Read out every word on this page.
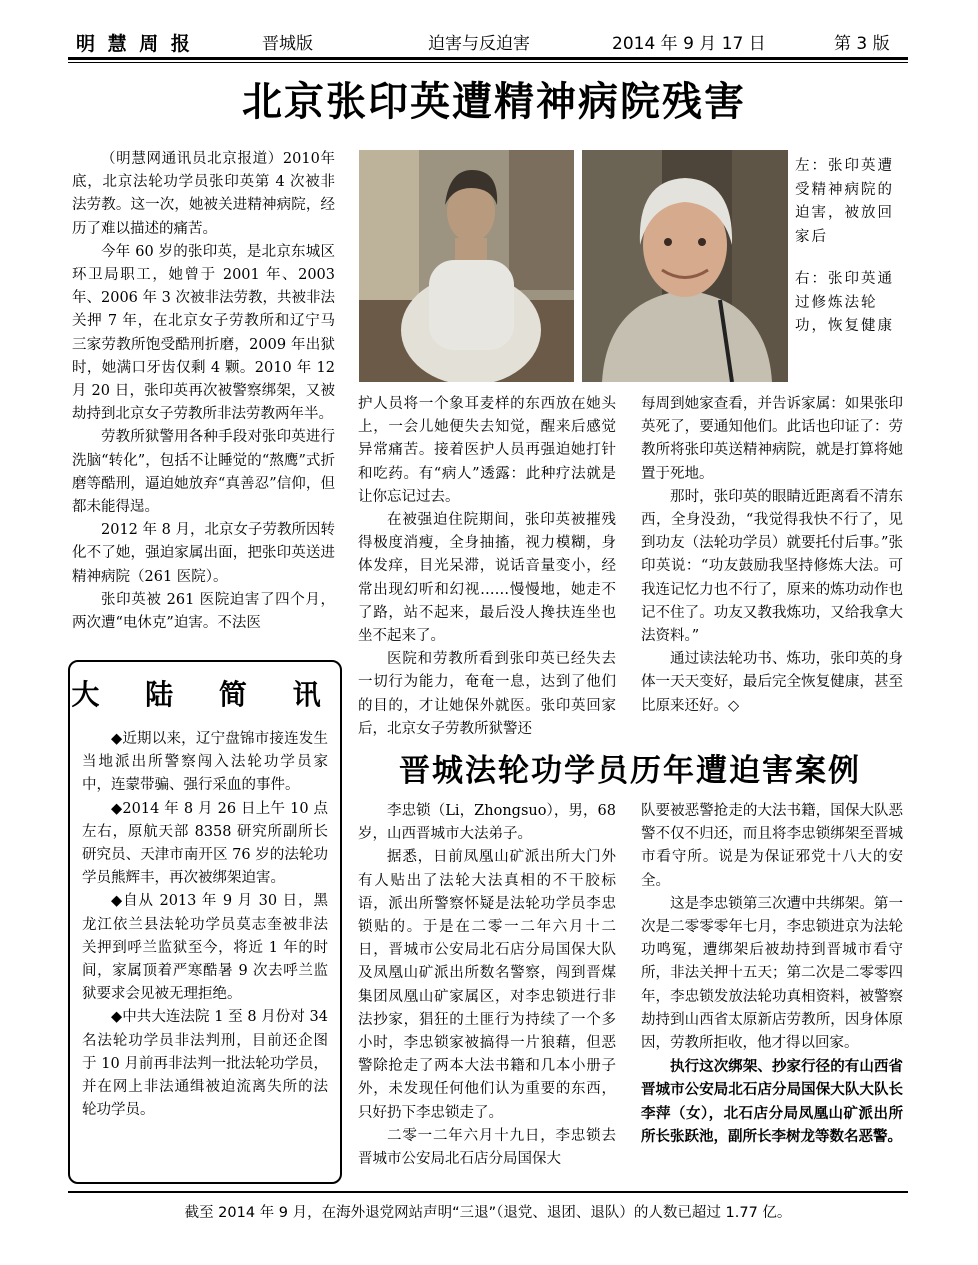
明 慧 周 报	晋城版	迫害与反迫害	2014 年 9 月 17 日	第 3 版
北京张印英遭精神病院残害

（明慧网通讯员北京报道）2010年底，北京法轮功学员张印英第 4 次被非法劳教。这一次，她被关进精神病院，经历了难以描述的痛苦。

今年 60 岁的张印英，是北京东城区环卫局职工，她曾于 2001 年、2003 年、2006 年 3 次被非法劳教，共被非法关押 7 年，在北京女子劳教所和辽宁马三家劳教所饱受酷刑折磨，2009 年出狱时，她满口牙齿仅剩 4 颗。2010 年 12 月 20 日，张印英再次被警察绑架，又被劫持到北京女子劳教所非法劳教两年半。

劳教所狱警用各种手段对张印英进行洗脑“转化”，包括不让睡觉的“熬鹰”式折磨等酷刑，逼迫她放弃“真善忍”信仰，但都未能得逞。

2012 年 8 月，北京女子劳教所因转化不了她，强迫家属出面，把张印英送进精神病院（261 医院）。

张印英被 261 医院迫害了四个月，两次遭“电休克”迫害。不法医

左：张印英遭受精神病院的迫害，被放回家后
右：张印英通过修炼法轮功，恢复健康

护人员将一个象耳麦样的东西放在她头上，一会儿她便失去知觉，醒来后感觉异常痛苦。接着医护人员再强迫她打针和吃药。有“病人”透露：此种疗法就是让你忘记过去。

在被强迫住院期间，张印英被摧残得极度消瘦，全身抽搐，视力模糊，身体发痒，目光呆滞，说话音量变小，经常出现幻听和幻视……慢慢地，她走不了路，站不起来，最后没人搀扶连坐也坐不起来了。

医院和劳教所看到张印英已经失去一切行为能力，奄奄一息，达到了他们的目的，才让她保外就医。张印英回家后，北京女子劳教所狱警还

每周到她家查看，并告诉家属：如果张印英死了，要通知他们。此话也印证了：劳教所将张印英送精神病院，就是打算将她置于死地。

那时，张印英的眼睛近距离看不清东西，全身没劲，“我觉得我快不行了，见到功友（法轮功学员）就要托付后事。”张印英说：“功友鼓励我坚持修炼大法。可我连记忆力也不行了，原来的炼功动作也记不住了。功友又教我炼功，又给我拿大法资料。”

通过读法轮功书、炼功，张印英的身体一天天变好，最后完全恢复健康，甚至比原来还好。◇

大 陆 简 讯

◆近期以来，辽宁盘锦市接连发生当地派出所警察闯入法轮功学员家中，连蒙带骗、强行采血的事件。

◆2014 年 8 月 26 日上午 10 点左右，原航天部 8358 研究所副所长研究员、天津市南开区 76 岁的法轮功学员熊辉丰，再次被绑架迫害。

◆自从 2013 年 9 月 30 日，黑龙江依兰县法轮功学员莫志奎被非法关押到呼兰监狱至今，将近 1 年的时间，家属顶着严寒酷暑 9 次去呼兰监狱要求会见被无理拒绝。

◆中共大连法院 1 至 8 月份对 34 名法轮功学员非法判刑，目前还企图于 10 月前再非法判一批法轮功学员，并在网上非法通缉被迫流离失所的法轮功学员。

晋城法轮功学员历年遭迫害案例

李忠锁（Li，Zhongsuo），男，68 岁，山西晋城市大法弟子。

据悉，日前凤凰山矿派出所大门外有人贴出了法轮大法真相的不干胶标语，派出所警察怀疑是法轮功学员李忠锁贴的。于是在二零一二年六月十二日，晋城市公安局北石店分局国保大队及凤凰山矿派出所数名警察，闯到晋煤集团凤凰山矿家属区，对李忠锁进行非法抄家，猖狂的土匪行为持续了一个多小时，李忠锁家被搞得一片狼藉，但恶警除抢走了两本大法书籍和几本小册子外，未发现任何他们认为重要的东西，只好扔下李忠锁走了。

二零一二年六月十九日，李忠锁去晋城市公安局北石店分局国保大

队要被恶警抢走的大法书籍，国保大队恶警不仅不归还，而且将李忠锁绑架至晋城市看守所。说是为保证邪党十八大的安全。

这是李忠锁第三次遭中共绑架。第一次是二零零零年七月，李忠锁进京为法轮功鸣冤，遭绑架后被劫持到晋城市看守所，非法关押十五天；第二次是二零零四年，李忠锁发放法轮功真相资料，被警察劫持到山西省太原新店劳教所，因身体原因，劳教所拒收，他才得以回家。

执行这次绑架、抄家行径的有山西省晋城市公安局北石店分局国保大队大队长李萍（女），北石店分局凤凰山矿派出所所长张跃池，副所长李树龙等数名恶警。

截至 2014 年 9 月，在海外退党网站声明“三退”（退党、退团、退队）的人数已超过 1.77 亿。
